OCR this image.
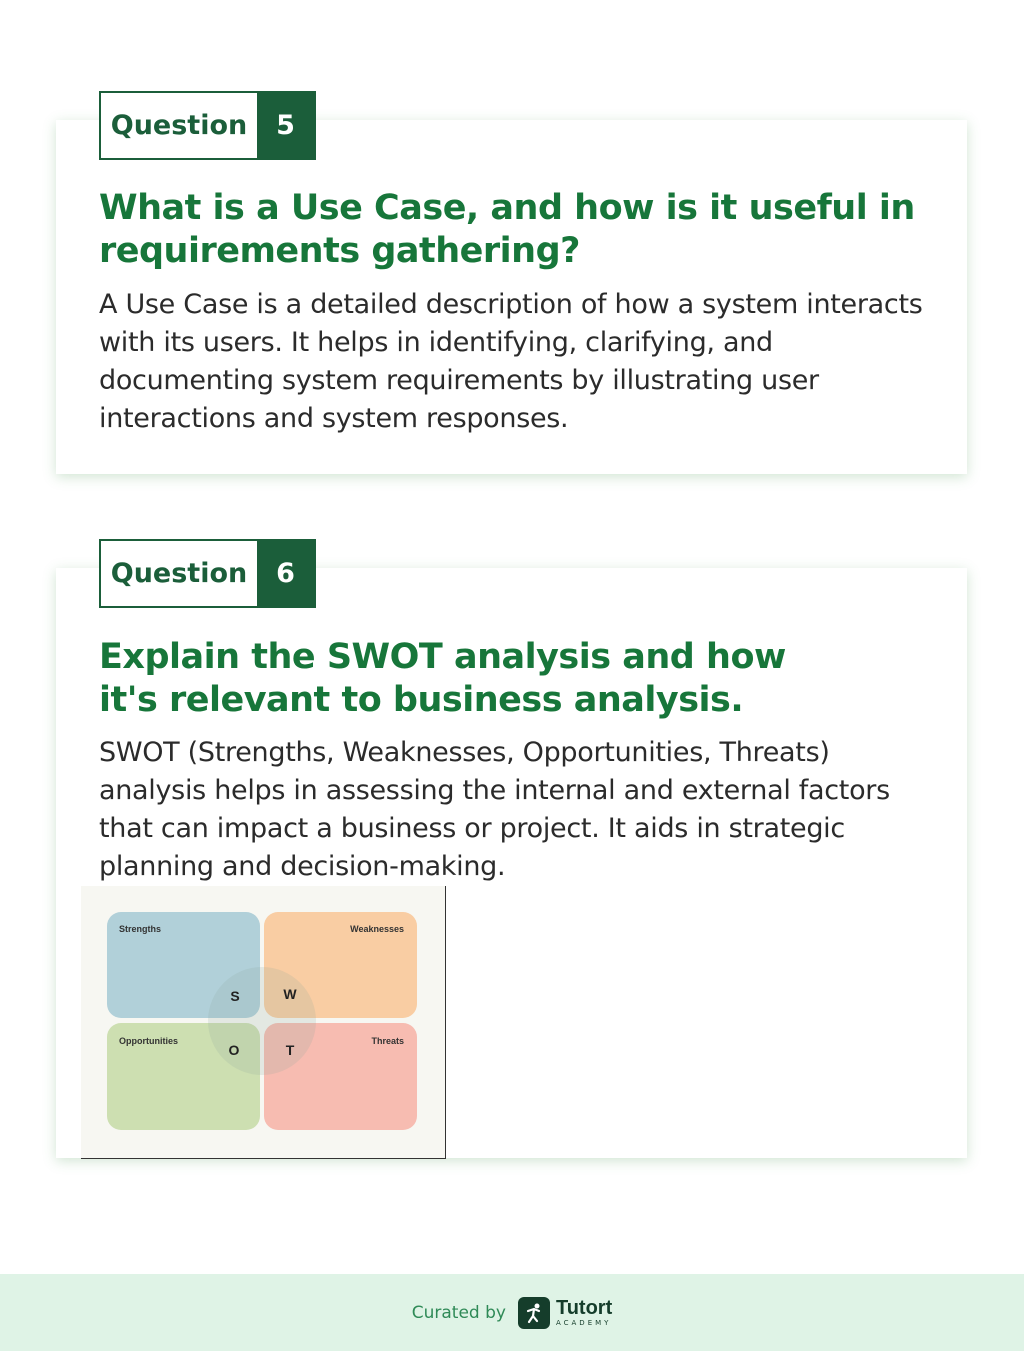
Question	5
What is a Use Case, and how is it useful in requirements gathering?

A Use Case is a detailed description of how a system interacts with its users. It helps in identifying, clarifying, and documenting system requirements by illustrating user interactions and system responses.

Question	6
Explain the SWOT analysis and how
it's relevant to business analysis.

SWOT (Strengths, Weaknesses, Opportunities, Threats) analysis helps in assessing the internal and external factors that can impact a business or project. It aids in strategic planning and decision-making.

Strengths	Weaknesses
Opportunities	Threats
S	W
O	T
Curated by	Tutort
ACADEMY
